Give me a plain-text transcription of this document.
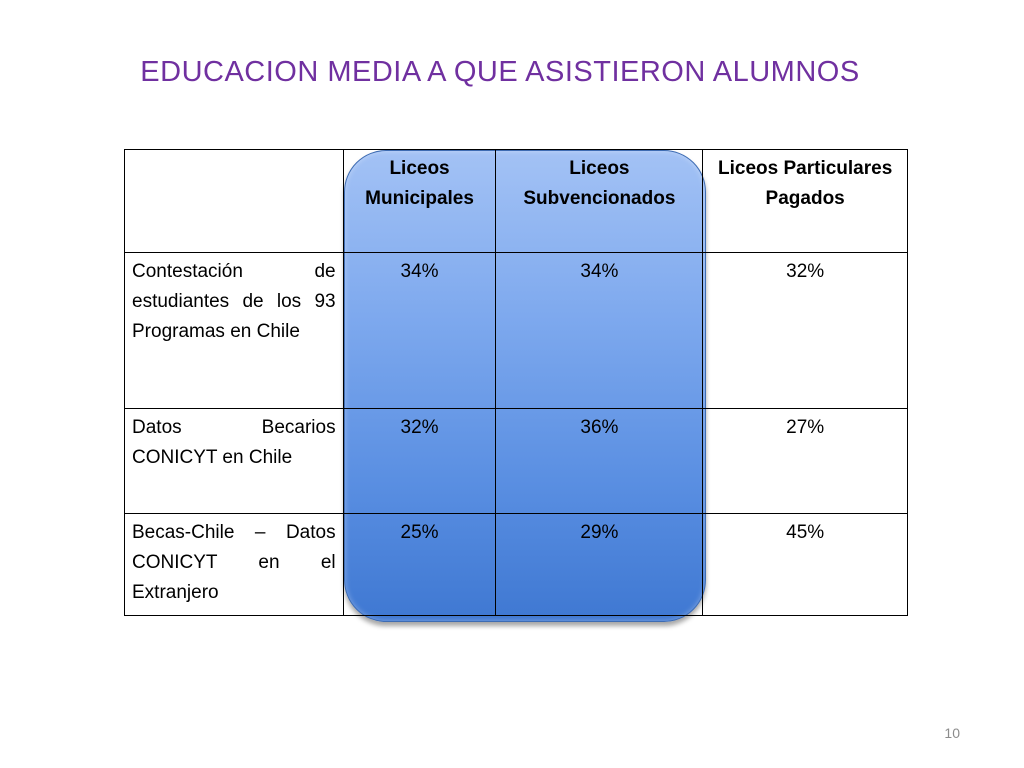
EDUCACION MEDIA A QUE ASISTIERON ALUMNOS
	Liceos Municipales	Liceos Subvencionados	Liceos Particulares Pagados
Contestación de estudiantes de los 93 Programas en Chile	34%	34%	32%
Datos Becarios CONICYT en Chile	32%	36%	27%
Becas-Chile – Datos CONICYT en el Extranjero	25%	29%	45%
10
